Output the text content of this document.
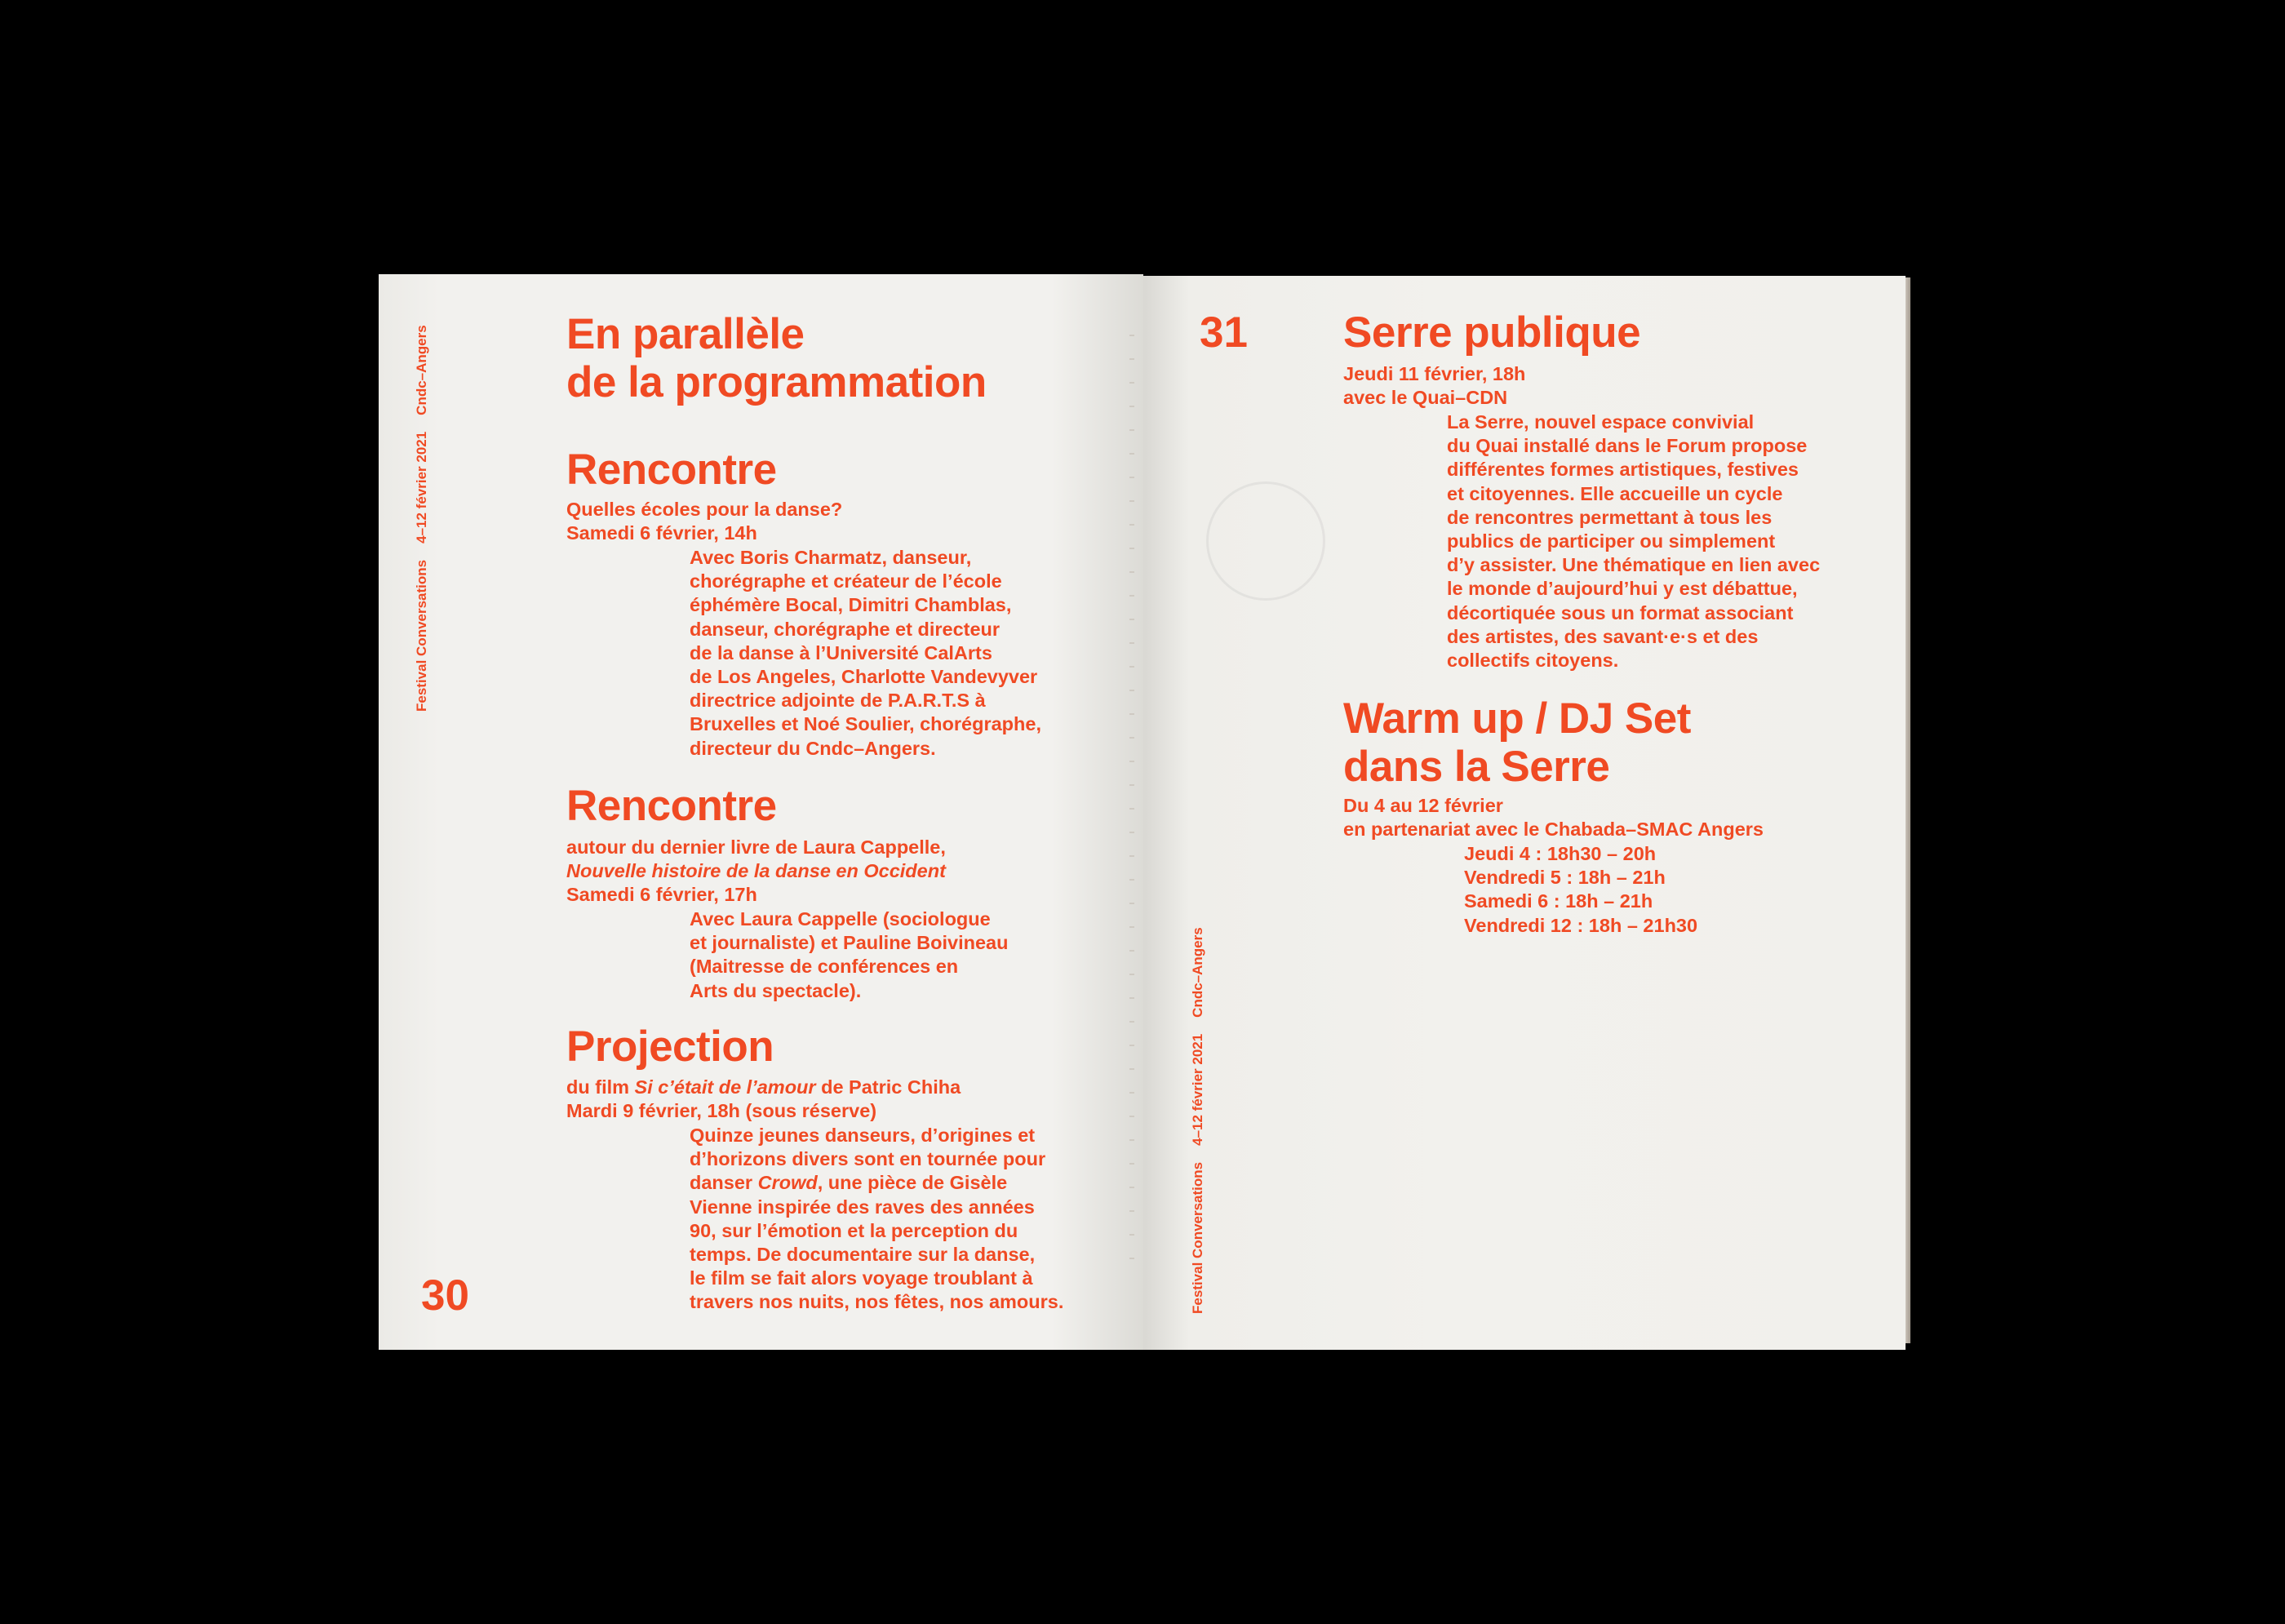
Festival Conversations4–12 février 2021Cndc–Angers	En parallèle
de la programmation
Rencontre
Quelles écoles pour la danse?
Samedi 6 février, 14h
Avec Boris Charmatz, danseur,
chorégraphe et créateur de l’école
éphémère Bocal, Dimitri Chamblas,
danseur, chorégraphe et directeur
de la danse à l’Université CalArts
de Los Angeles, Charlotte Vandevyver
directrice adjointe de P.A.R.T.S à
Bruxelles et Noé Soulier, chorégraphe,
directeur du Cndc–Angers.
Rencontre
autour du dernier livre de Laura Cappelle,
Nouvelle histoire de la danse en Occident
Samedi 6 février, 17h
Avec Laura Cappelle (sociologue
et journaliste) et Pauline Boivineau
(Maitresse de conférences en
Arts du spectacle).
Projection
du film Si c’était de l’amour de Patric Chiha
Mardi 9 février, 18h (sous réserve)
Quinze jeunes danseurs, d’origines et
d’horizons divers sont en tournée pour
danser Crowd, une pièce de Gisèle
Vienne inspirée des raves des années
90, sur l’émotion et la perception du
temps. De documentaire sur la danse,
le film se fait alors voyage troublant à
travers nos nuits, nos fêtes, nos amours.
30	Festival Conversations4–12 février 2021Cndc–Angers
31 Serre publique
Jeudi 11 février, 18h
avec le Quai–CDN
La Serre, nouvel espace convivial
du Quai installé dans le Forum propose
différentes formes artistiques, festives
et citoyennes. Elle accueille un cycle
de rencontres permettant à tous les
publics de participer ou simplement
d’y assister. Une thématique en lien avec
le monde d’aujourd’hui y est débattue,
décortiquée sous un format associant
des artistes, des savant·e·s et des
collectifs citoyens.
Warm up / DJ Set
dans la Serre
Du 4 au 12 février
en partenariat avec le Chabada–SMAC Angers
Jeudi 4 : 18h30 – 20h
Vendredi 5 : 18h – 21h
Samedi 6 : 18h – 21h
Vendredi 12 : 18h – 21h30
